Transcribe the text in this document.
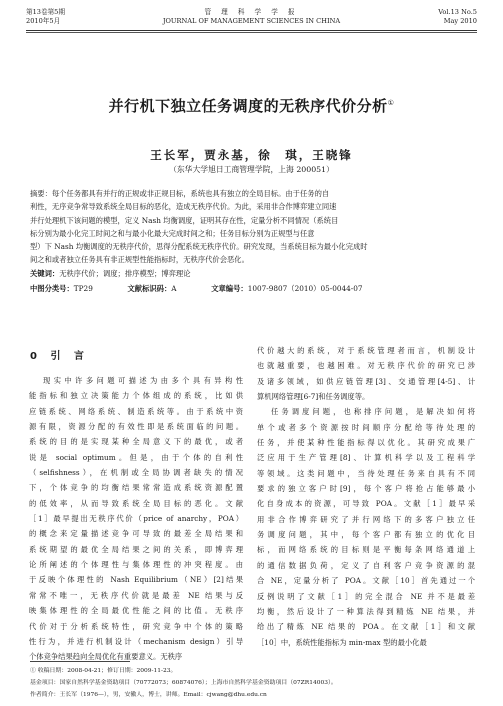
第13卷第5期
2010年5月
管 理 科 学 学 报
JOURNAL OF MANAGEMENT SCIENCES IN CHINA
Vol.13 No.5
May 2010
并行机下独立任务调度的无秩序代价分析①
王长军，贾永基，徐　琪，王晓锋
（东华大学旭日工商管理学院，上海 200051）
摘要：每个任务都具有并行的正规或非正规目标，系统也具有独立的全局目标。由于任务的自
利性，无序竞争常导致系统全局目标的恶化，造成无秩序代价。为此，采用非合作博弈建立同速
并行处理机下该问题的模型，定义 Nash 均衡调度，证明其存在性，定量分析不同情况（系统目
标分别为最小化完工时间之和与最小化最大完成时间之和；任务目标分别为正规型与任意
型）下 Nash 均衡调度的无秩序代价，思得分配系统无秩序代价。研究发现，当系统目标为最小化完成时
间之和或者独立任务具有非正规型性能指标时，无秩序代价会恶化。
关键词：无秩序代价；调度；排序模型；博弈理论
中图分类号：TP29	文献标识码：A	文章编号：1007-9807（2010）05-0044-07
0 引 言
现实中许多问题可描述为由多个具有异构性
能指标和独立决策能力个体组成的系统，比如供
应链系统、网络系统、制造系统等。由于系统中资
源有限，资源分配的有效性即是系统面临的问题。
系统的目的是实现某种全局意义下的最优，或者
说是 social optimum。但是，由于个体的自利性
（selfishness），在机制或全局协调者缺失的情况
下，个体竞争的均衡结果常常造成系统资源配置
的低效率，从而导致系统全局目标的恶化。文献
［1］最早提出无秩序代价（price of anarchy，POA）
的概念来定量描述竞争可导致的最差全局结果和
系统期望的最优全局结果之间的关系，即博弈理
论所阐述的个体理性与集体理性的冲突程度。由
于反映个体理性的 Nash Equilibrium（NE）[2]结果
常常不唯一，无秩序代价就是最差 NE 结果与反
映集体理性的全局最优性能之间的比值。无秩序
代价对于分析系统特性，研究竞争中个体的策略
性行为，并进行机制设计（mechanism design）引导
个体竞争结果趋向全局优化有重要意义。无秩序
代价越大的系统，对于系统管理者而言，机制设计
也就越重要，也越困难。对无秩序代价的研究已涉
及诸多领域，如供应链管理[3]、交通管理[4-5]、计
算机网络管理[6-7]和任务调度等。
任务调度问题，也称排序问题，是解决如何将
单个或者多个资源按时间顺序分配给等待处理的
任务，并使某种性能指标得以优化。其研究成果广
泛应用于生产管理[8]、计算机科学以及工程科学
等领域。这类问题中，当待处理任务来自具有不同
要求的独立客户时[9]，每个客户将抢占能够最小
化自身成本的资源，可导致 POA。文献［1］最早采
用非合作博弈研究了并行网络下的多客户独立任
务调度问题，其中，每个客户都有独立的优化目
标，而网络系统的目标则是平衡每条网络通道上
的通信数据负荷，定义了自利客户竞争资源的混
合 NE，定量分析了 POA。文献［10］首先通过一个
反例说明了文献［1］的完全混合 NE 并不是最差
均衡，然后设计了一种算法得到精炼 NE 结果，并
给出了精炼 NE 结果的 POA。在文献［1］和文献
［10］中，系统性能指标为 min-max 型的最小化最
① 收稿日期：2008-04-21；修订日期：2009-11-23。
基金项目：国家自然科学基金资助项目（70772073；60874076）；上海市自然科学基金资助项目（07ZR14003）。
作者简介：王长军（1976—），男，安徽人，博士，讲师。Email：cjwang@dhu.edu.cn
